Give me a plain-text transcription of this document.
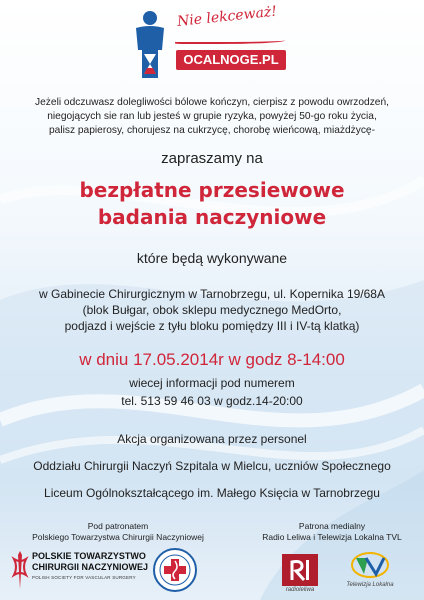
Nie lekceważ!
OCALNOGE.PL
Jeżeli odczuwasz dolegliwości bólowe kończyn, cierpisz z powodu owrzodzeń,
niegojących sie ran lub jesteś w grupie ryzyka, powyżej 50-go roku życia,
palisz papierosy, chorujesz na cukrzycę, chorobę wieńcową, miażdżycę-
zapraszamy na
bezpłatne przesiewowe
badania naczyniowe
które będą wykonywane
w Gabinecie Chirurgicznym w Tarnobrzegu, ul. Kopernika 19/68A
(blok Bułgar, obok sklepu medycznego MedOrto,
podjazd i wejście z tyłu bloku pomiędzy III i IV-tą klatką)
w dniu 17.05.2014r w godz 8-14:00
wiecej informacji pod numerem
tel. 513 59 46 03 w godz.14-20:00
Akcja organizowana przez personel
Oddziału Chirurgii Naczyń Szpitala w Mielcu, uczniów Społecznego
Liceum Ogólnokształcącego im. Małego Księcia w Tarnobrzegu
Pod patronatem
Polskiego Towarzystwa Chirurgii Naczyniowej
Patrona medialny
Radio Leliwa i Telewizja Lokalna TVL
POLSKIE TOWARZYSTWO
CHIRURGII NACZYNIOWEJ
POLISH SOCIETY FOR VASCULAR SURGERY
radioleliwa
Telewizja Lokalna
